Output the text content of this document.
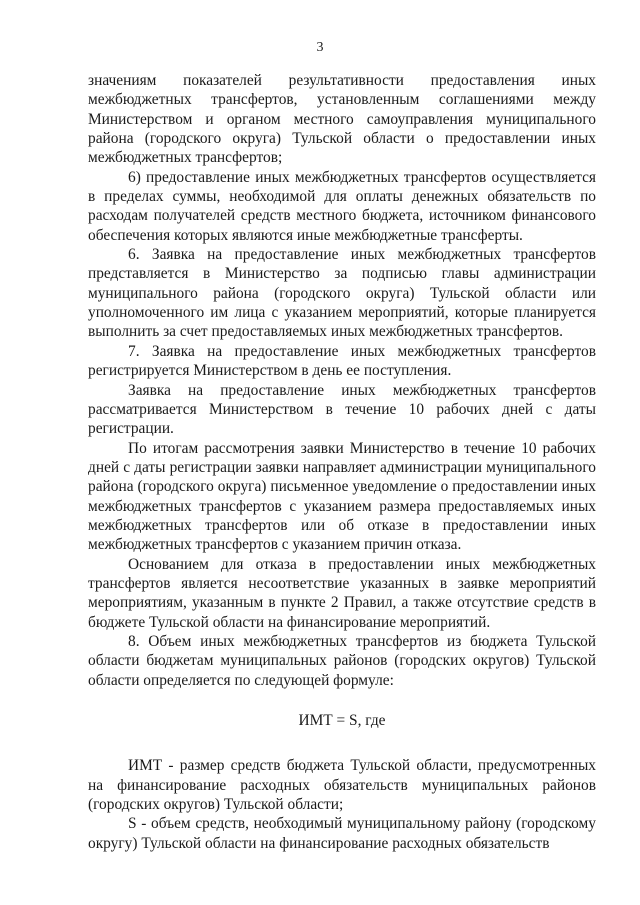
3

значениям показателей результативности предоставления иных межбюджетных трансфертов, установленным соглашениями между Министерством и органом местного самоуправления муниципального района (городского округа) Тульской области о предоставлении иных межбюджетных трансфертов;

6) предоставление иных межбюджетных трансфертов осуществляется в пределах суммы, необходимой для оплаты денежных обязательств по расходам получателей средств местного бюджета, источником финансового обеспечения которых являются иные межбюджетные трансферты.

6. Заявка на предоставление иных межбюджетных трансфертов представляется в Министерство за подписью главы администрации муниципального района (городского округа) Тульской области или уполномоченного им лица с указанием мероприятий, которые планируется выполнить за счет предоставляемых иных межбюджетных трансфертов.

7. Заявка на предоставление иных межбюджетных трансфертов регистрируется Министерством в день ее поступления.

Заявка на предоставление иных межбюджетных трансфертов рассматривается Министерством в течение 10 рабочих дней с даты регистрации.

По итогам рассмотрения заявки Министерство в течение 10 рабочих дней с даты регистрации заявки направляет администрации муниципального района (городского округа) письменное уведомление о предоставлении иных межбюджетных трансфертов с указанием размера предоставляемых иных межбюджетных трансфертов или об отказе в предоставлении иных межбюджетных трансфертов с указанием причин отказа.

Основанием для отказа в предоставлении иных межбюджетных трансфертов является несоответствие указанных в заявке мероприятий мероприятиям, указанным в пункте 2 Правил, а также отсутствие средств в бюджете Тульской области на финансирование мероприятий.

8. Объем иных межбюджетных трансфертов из бюджета Тульской области бюджетам муниципальных районов (городских округов) Тульской области определяется по следующей формуле:

ИМТ = S, где

ИМТ - размер средств бюджета Тульской области, предусмотренных на финансирование расходных обязательств муниципальных районов (городских округов) Тульской области;

S - объем средств, необходимый муниципальному району (городскому округу) Тульской области на финансирование расходных обязательств
